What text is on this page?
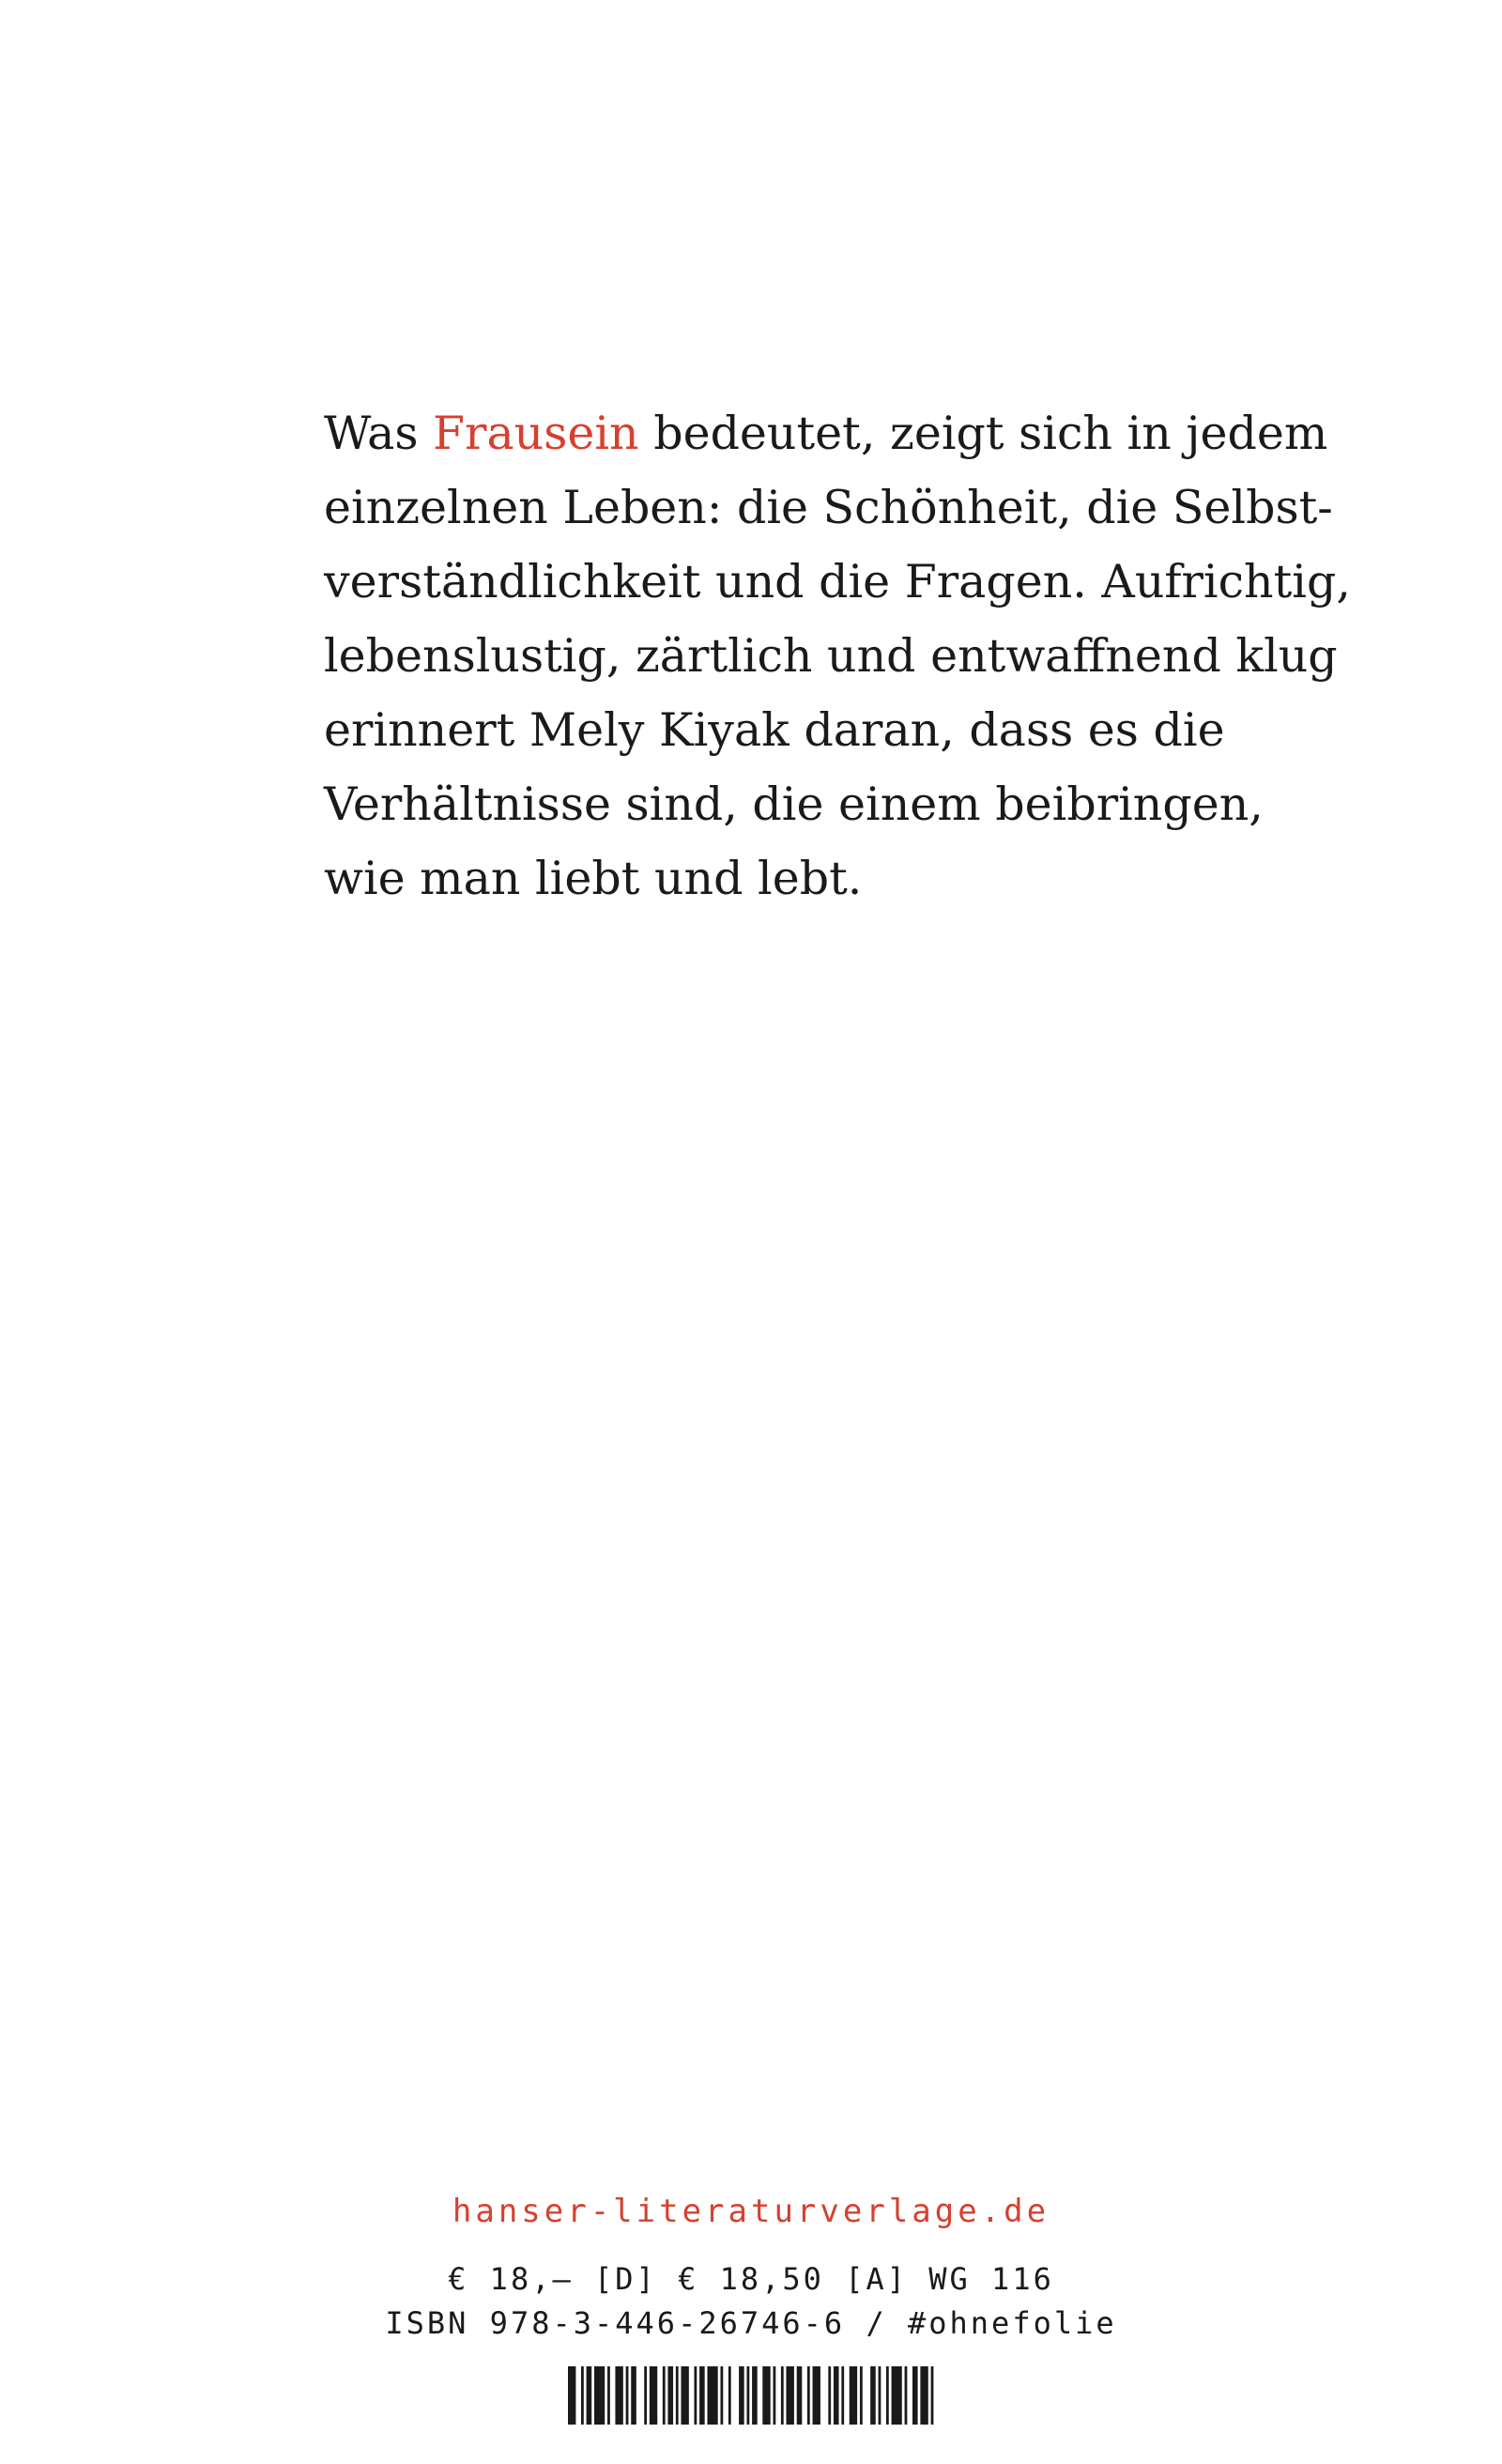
Was Frausein bedeutet, zeigt sich in jedem
einzelnen Leben: die Schönheit, die Selbst-
verständlichkeit und die Fragen. Aufrichtig,
lebenslustig, zärtlich und entwaffnend klug
erinnert Mely Kiyak daran, dass es die
Verhältnisse sind, die einem beibringen,
wie man liebt und lebt.
hanser-literaturverlage.de
€ 18,– [D] € 18,50 [A] WG 116
ISBN 978-3-446-26746-6 / #ohnefolie
